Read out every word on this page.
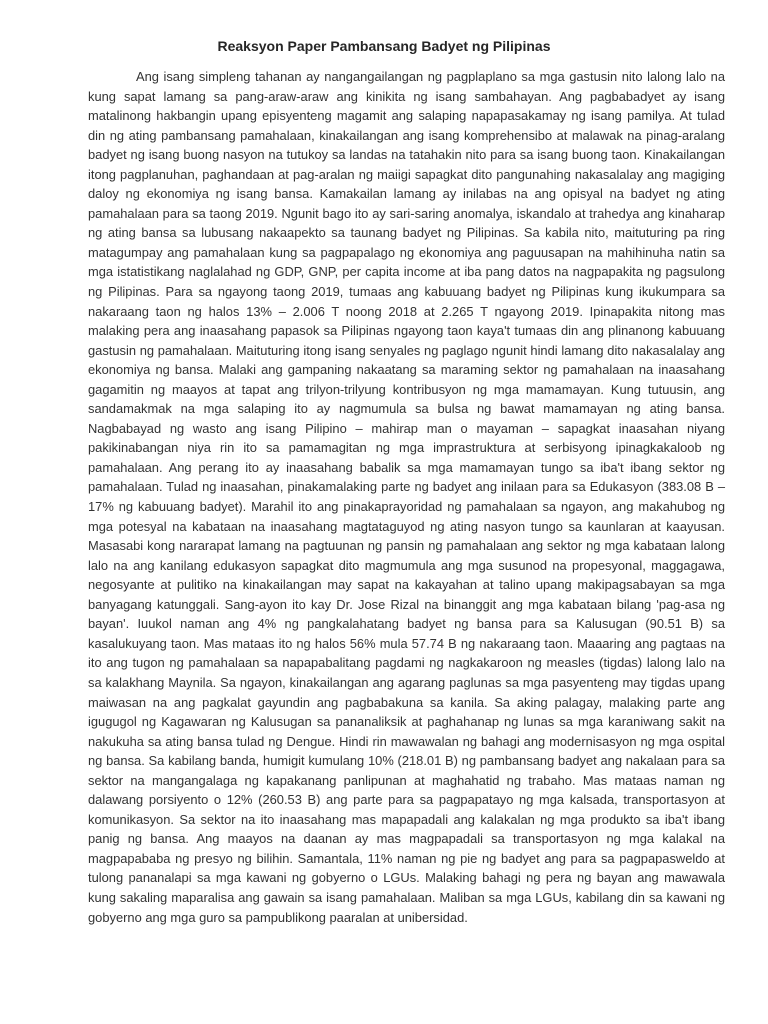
Reaksyon Paper Pambansang Badyet ng Pilipinas

Ang isang simpleng tahanan ay nangangailangan ng pagplaplano sa mga gastusin nito lalong lalo na kung sapat lamang sa pang-araw-araw ang kinikita ng isang sambahayan. Ang pagbabadyet ay isang matalinong hakbangin upang episyenteng magamit ang salaping napapasakamay ng isang pamilya. At tulad din ng ating pambansang pamahalaan, kinakailangan ang isang komprehensibo at malawak na pinag-aralang badyet ng isang buong nasyon na tutukoy sa landas na tatahakin nito para sa isang buong taon. Kinakailangan itong pagplanuhan, paghandaan at pag-aralan ng maiigi sapagkat dito pangunahing nakasalalay ang magiging daloy ng ekonomiya ng isang bansa. Kamakailan lamang ay inilabas na ang opisyal na badyet ng ating pamahalaan para sa taong 2019. Ngunit bago ito ay sari-saring anomalya, iskandalo at trahedya ang kinaharap ng ating bansa sa lubusang nakaapekto sa taunang badyet ng Pilipinas. Sa kabila nito, maituturing pa ring matagumpay ang pamahalaan kung sa pagpapalago ng ekonomiya ang paguusapan na mahihinuha natin sa mga istatistikang naglalahad ng GDP, GNP, per capita income at iba pang datos na nagpapakita ng pagsulong ng Pilipinas. Para sa ngayong taong 2019, tumaas ang kabuuang badyet ng Pilipinas kung ikukumpara sa nakaraang taon ng halos 13% – 2.006 T noong 2018 at 2.265 T ngayong 2019. Ipinapakita nitong mas malaking pera ang inaasahang papasok sa Pilipinas ngayong taon kaya't tumaas din ang plinanong kabuuang gastusin ng pamahalaan. Maituturing itong isang senyales ng paglago ngunit hindi lamang dito nakasalalay ang ekonomiya ng bansa. Malaki ang gampaning nakaatang sa maraming sektor ng pamahalaan na inaasahang gagamitin ng maayos at tapat ang trilyon-trilyung kontribusyon ng mga mamamayan. Kung tutuusin, ang sandamakmak na mga salaping ito ay nagmumula sa bulsa ng bawat mamamayan ng ating bansa. Nagbabayad ng wasto ang isang Pilipino – mahirap man o mayaman – sapagkat inaasahan niyang pakikinabangan niya rin ito sa pamamagitan ng mga imprastruktura at serbisyong ipinagkakaloob ng pamahalaan. Ang perang ito ay inaasahang babalik sa mga mamamayan tungo sa iba't ibang sektor ng pamahalaan. Tulad ng inaasahan, pinakamalaking parte ng badyet ang inilaan para sa Edukasyon (383.08 B – 17% ng kabuuang badyet). Marahil ito ang pinakaprayoridad ng pamahalaan sa ngayon, ang makahubog ng mga potesyal na kabataan na inaasahang magtataguyod ng ating nasyon tungo sa kaunlaran at kaayusan. Masasabi kong nararapat lamang na pagtuunan ng pansin ng pamahalaan ang sektor ng mga kabataan lalong lalo na ang kanilang edukasyon sapagkat dito magmumula ang mga susunod na propesyonal, maggagawa, negosyante at pulitiko na kinakailangan may sapat na kakayahan at talino upang makipagsabayan sa mga banyagang katunggali. Sang-ayon ito kay Dr. Jose Rizal na binanggit ang mga kabataan bilang 'pag-asa ng bayan'. Iuukol naman ang 4% ng pangkalahatang badyet ng bansa para sa Kalusugan (90.51 B) sa kasalukuyang taon. Mas mataas ito ng halos 56% mula 57.74 B ng nakaraang taon. Maaaring ang pagtaas na ito ang tugon ng pamahalaan sa napapabalitang pagdami ng nagkakaroon ng measles (tigdas) lalong lalo na sa kalakhang Maynila. Sa ngayon, kinakailangan ang agarang paglunas sa mga pasyenteng may tigdas upang maiwasan na ang pagkalat gayundin ang pagbabakuna sa kanila. Sa aking palagay, malaking parte ang igugugol ng Kagawaran ng Kalusugan sa pananaliksik at paghahanap ng lunas sa mga karaniwang sakit na nakukuha sa ating bansa tulad ng Dengue. Hindi rin mawawalan ng bahagi ang modernisasyon ng mga ospital ng bansa. Sa kabilang banda, humigit kumulang 10% (218.01 B) ng pambansang badyet ang nakalaan para sa sektor na mangangalaga ng kapakanang panlipunan at maghahatid ng trabaho. Mas mataas naman ng dalawang porsiyento o 12% (260.53 B) ang parte para sa pagpapatayo ng mga kalsada, transportasyon at komunikasyon. Sa sektor na ito inaasahang mas mapapadali ang kalakalan ng mga produkto sa iba't ibang panig ng bansa. Ang maayos na daanan ay mas magpapadali sa transportasyon ng mga kalakal na magpapababa ng presyo ng bilihin. Samantala, 11% naman ng pie ng badyet ang para sa pagpapasweldo at tulong pananalapi sa mga kawani ng gobyerno o LGUs. Malaking bahagi ng pera ng bayan ang mawawala kung sakaling maparalisa ang gawain sa isang pamahalaan. Maliban sa mga LGUs, kabilang din sa kawani ng gobyerno ang mga guro sa pampublikong paaralan at unibersidad.
